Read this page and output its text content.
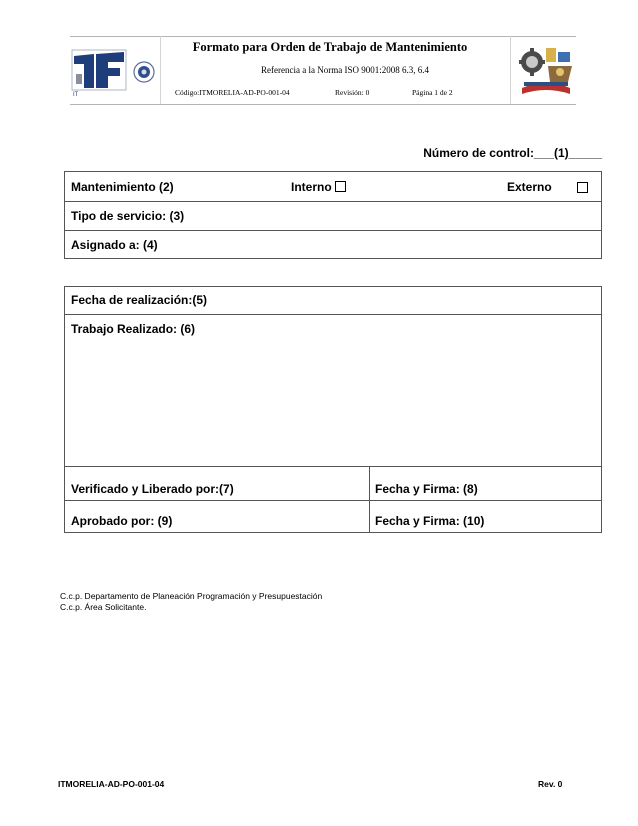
IT
Formato para Orden de Trabajo de Mantenimiento
Referencia a la Norma ISO 9001:2008 6.3, 6.4
Código:ITMORELIA-AD-PO-001-04	Revisión: 0	Página 1 de 2
Número de control:___(1)_____
Mantenimiento (2)	Interno	Externo
Tipo de servicio: (3)
Asignado a: (4)
Fecha de realización:(5)
Trabajo Realizado: (6)
Verificado y Liberado por:(7)	Fecha y Firma: (8)
Aprobado por: (9)	Fecha y Firma: (10)
C.c.p. Departamento de Planeación Programación y Presupuestación
C.c.p. Área Solicitante.
ITMORELIA-AD-PO-001-04	Rev. 0
